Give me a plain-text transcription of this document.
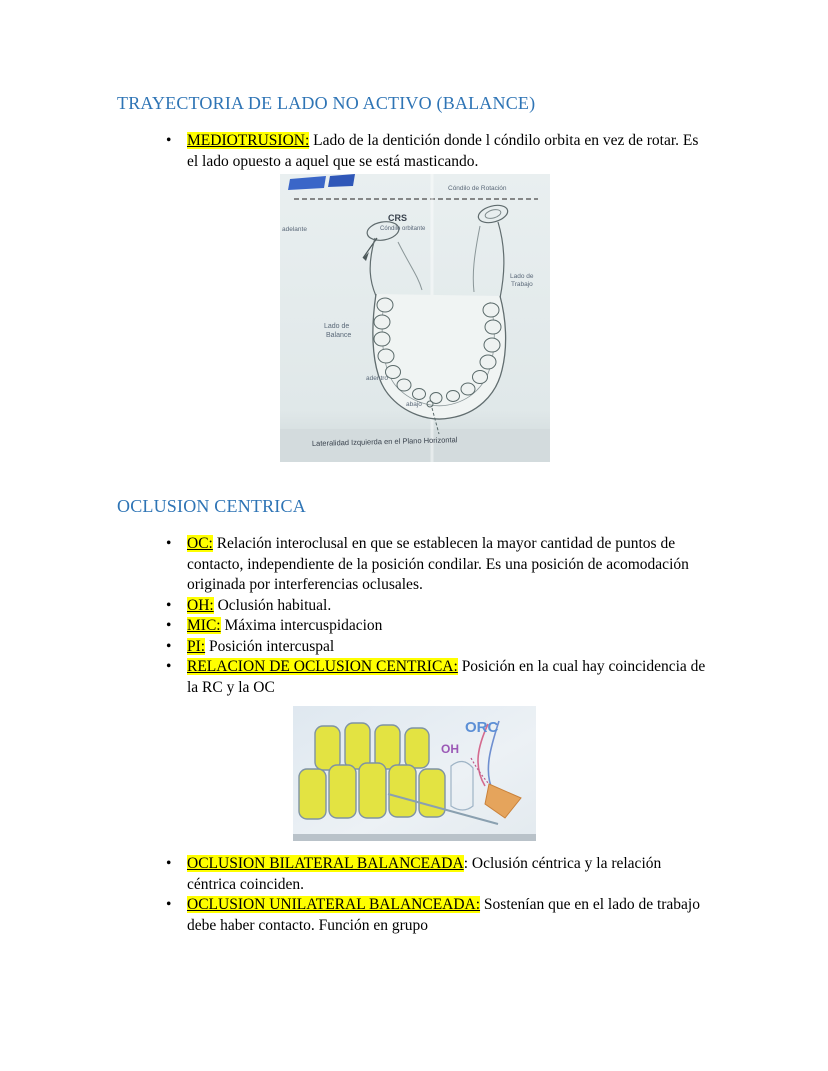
TRAYECTORIA DE LADO NO ACTIVO (BALANCE)
• MEDIOTRUSION: Lado de la dentición donde l cóndilo orbita en vez de rotar. Es el lado opuesto a aquel que se está masticando.
Cóndilo de Rotación
CRS
Cóndilo orbitante
adelante
Lado de
Trabajo
Lado de
Balance
adentro
abajo
Lateralidad Izquierda en el Plano Horizontal
OCLUSION CENTRICA
• OC: Relación interoclusal en que se establecen la mayor cantidad de puntos de contacto, independiente de la posición condilar. Es una posición de acomodación originada por interferencias oclusales.
• OH: Oclusión habitual.
• MIC: Máxima intercuspidacion
• PI: Posición intercuspal
• RELACION DE OCLUSION CENTRICA: Posición en la cual hay coincidencia de la RC y la OC
ORC
OH
• OCLUSION BILATERAL BALANCEADA: Oclusión céntrica y la relación céntrica coinciden.
• OCLUSION UNILATERAL BALANCEADA: Sostenían que en el lado de trabajo debe haber contacto. Función en grupo
